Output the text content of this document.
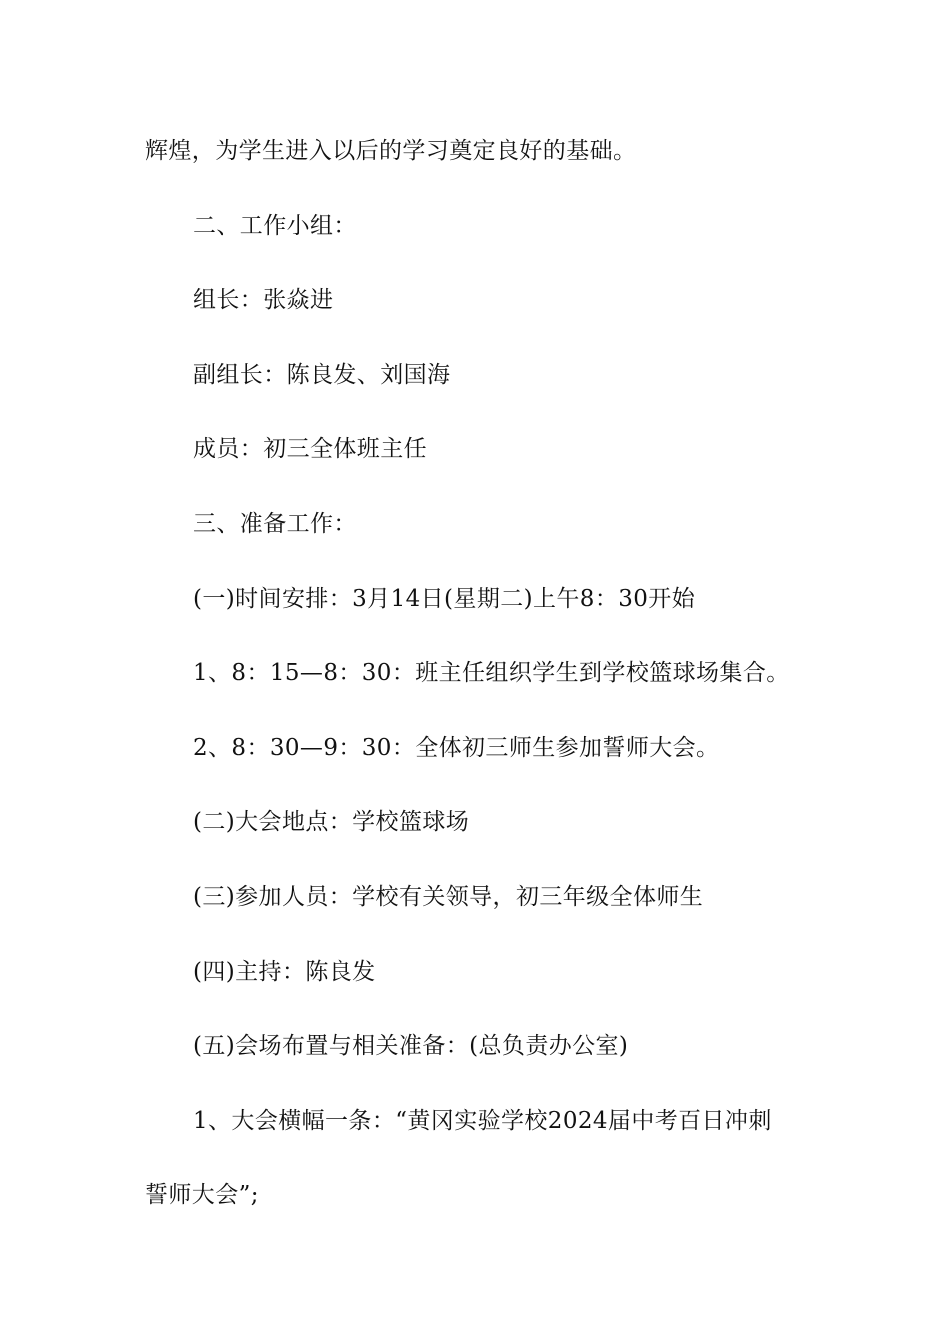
辉煌，为学生进入以后的学习奠定良好的基础。
二、工作小组：
组长：张焱进
副组长：陈良发、刘国海
成员：初三全体班主任
三、准备工作：
(一)时间安排：3月14日(星期二)上午8：30开始
1、8：15—8：30：班主任组织学生到学校篮球场集合。
2、8：30—9：30：全体初三师生参加誓师大会。
(二)大会地点：学校篮球场
(三)参加人员：学校有关领导，初三年级全体师生
(四)主持：陈良发
(五)会场布置与相关准备：(总负责办公室)
1、大会横幅一条：“黄冈实验学校2024届中考百日冲刺
誓师大会”;
